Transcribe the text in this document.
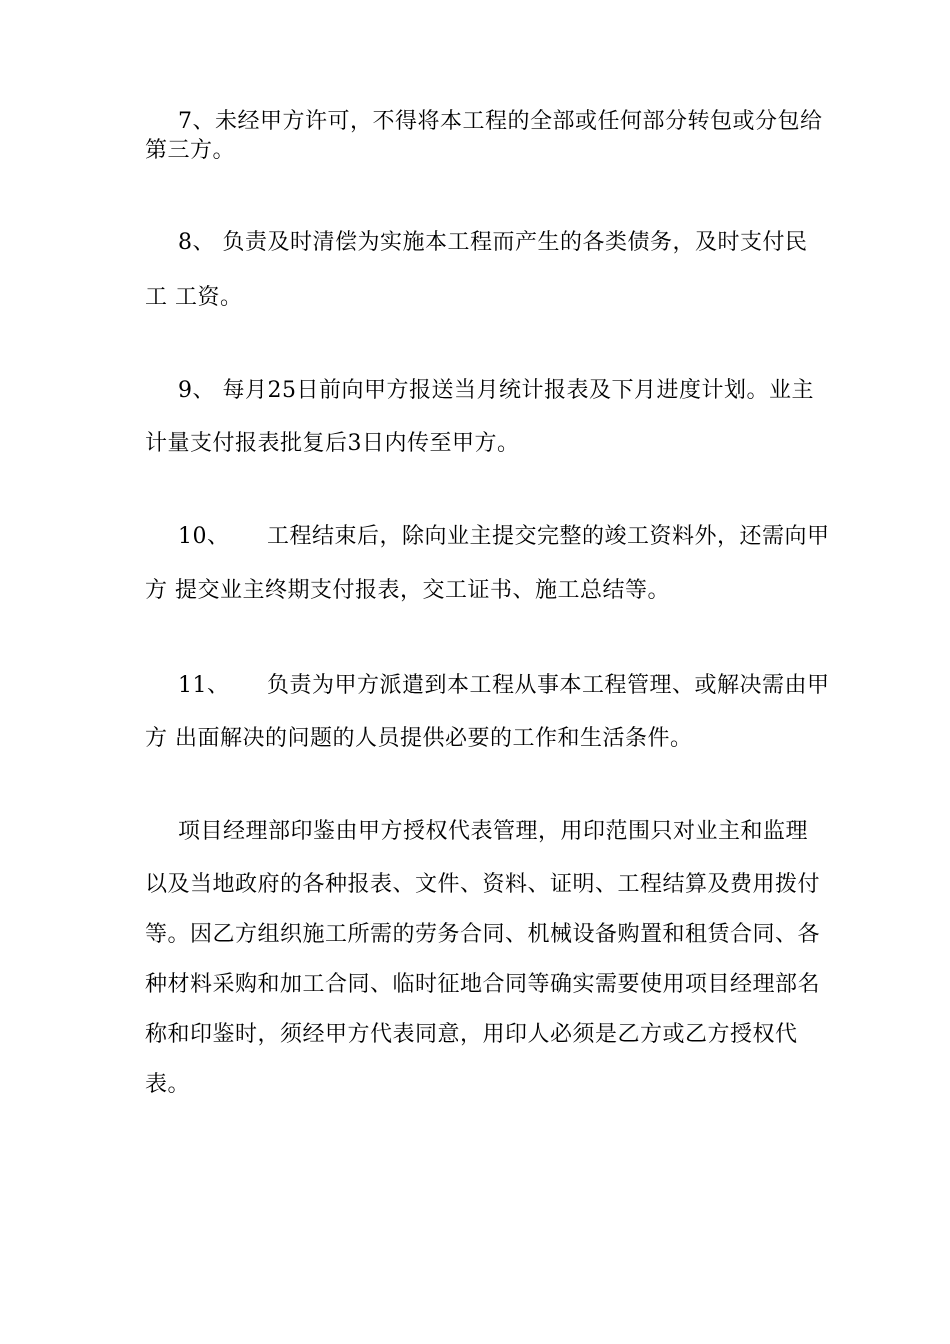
7、未经甲方许可，不得将本工程的全部或任何部分转包或分包给
第三方。
8、 负责及时清偿为实施本工程而产生的各类债务，及时支付民
工 工资。
9、 每月25日前向甲方报送当月统计报表及下月进度计划。业主
计量支付报表批复后3日内传至甲方。
10、     工程结束后，除向业主提交完整的竣工资料外，还需向甲
方 提交业主终期支付报表，交工证书、施工总结等。
11、     负责为甲方派遣到本工程从事本工程管理、或解决需由甲
方 出面解决的问题的人员提供必要的工作和生活条件。
项目经理部印鉴由甲方授权代表管理，用印范围只对业主和监理
以及当地政府的各种报表、文件、资料、证明、工程结算及费用拨付
等。因乙方组织施工所需的劳务合同、机械设备购置和租赁合同、各
种材料采购和加工合同、临时征地合同等确实需要使用项目经理部名
称和印鉴时，须经甲方代表同意，用印人必须是乙方或乙方授权代
表。
